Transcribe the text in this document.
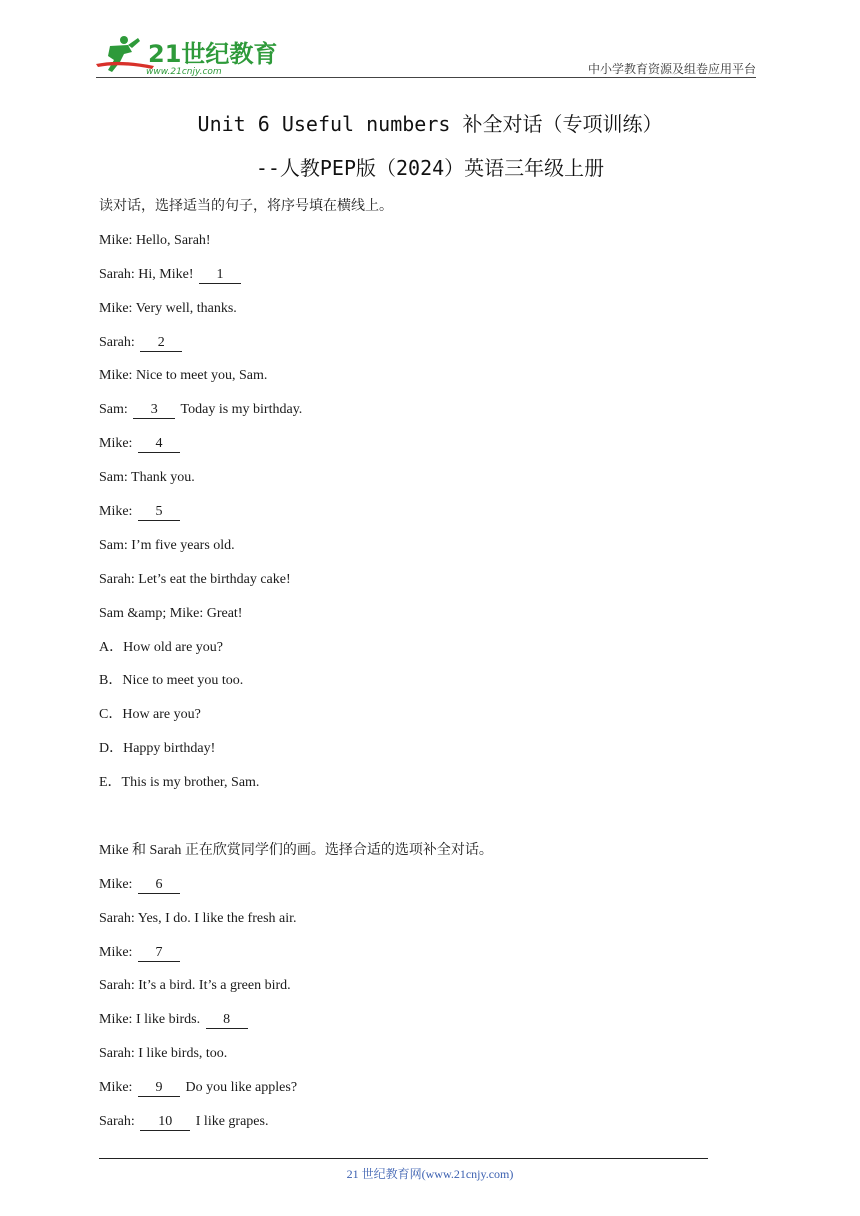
21世纪教育
www.21cnjy.com	中小学教育资源及组卷应用平台
Unit 6 Useful numbers 补全对话（专项训练）
--人教PEP版（2024）英语三年级上册
读对话，选择适当的句子，将序号填在横线上。
Mike: Hello, Sarah!
Sarah: Hi, Mike! 1
Mike: Very well, thanks.
Sarah: 2
Mike: Nice to meet you, Sam.
Sam: 3 Today is my birthday.
Mike: 4
Sam: Thank you.
Mike: 5
Sam: I’m five years old.
Sarah: Let’s eat the birthday cake!
Sam &amp; Mike: Great!
A．How old are you?
B．Nice to meet you too.
C．How are you?
D．Happy birthday!
E．This is my brother, Sam.
Mike 和 Sarah 正在欣赏同学们的画。选择合适的选项补全对话。
Mike: 6
Sarah: Yes, I do. I like the fresh air.
Mike: 7
Sarah: It’s a bird. It’s a green bird.
Mike: I like birds. 8
Sarah: I like birds, too.
Mike: 9 Do you like apples?
Sarah: 10 I like grapes.
21 世纪教育网(www.21cnjy.com)
